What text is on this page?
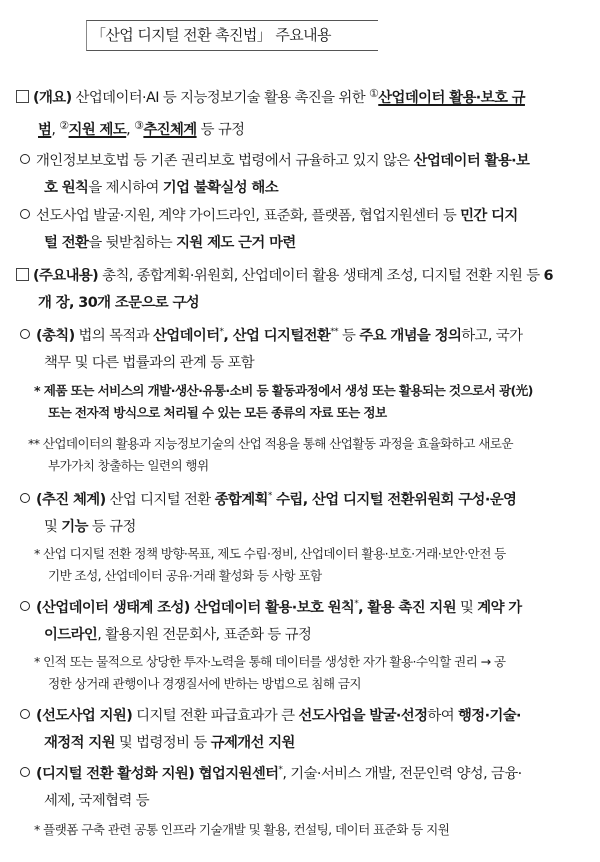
「산업 디지털 전환 촉진법」 주요내용
(개요) 산업데이터·AI 등 지능정보기술 활용 촉진을 위한 ①산업데이터 활용·보호 규
범, ②지원 제도, ③추진체계 등 규정
개인정보보호법 등 기존 권리보호 법령에서 규율하고 있지 않은 산업데이터 활용·보
호 원칙을 제시하여 기업 불확실성 해소
선도사업 발굴·지원, 계약 가이드라인, 표준화, 플랫폼, 협업지원센터 등 민간 디지
털 전환을 뒷받침하는 지원 제도 근거 마련
(주요내용) 총칙, 종합계획·위원회, 산업데이터 활용 생태계 조성, 디지털 전환 지원 등 6
개 장, 30개 조문으로 구성
(총칙) 법의 목적과 산업데이터*, 산업 디지털전환** 등 주요 개념을 정의하고, 국가
책무 및 다른 법률과의 관계 등 포함
* 제품 또는 서비스의 개발·생산·유통·소비 등 활동과정에서 생성 또는 활용되는 것으로서 광(光)
또는 전자적 방식으로 처리될 수 있는 모든 종류의 자료 또는 정보
** 산업데이터의 활용과 지능정보기술의 산업 적용을 통해 산업활동 과정을 효율화하고 새로운
부가가치 창출하는 일련의 행위
(추진 체계) 산업 디지털 전환 종합계획* 수립, 산업 디지털 전환위원회 구성·운영
및 기능 등 규정
* 산업 디지털 전환 정책 방향·목표, 제도 수립·정비, 산업데이터 활용·보호·거래·보안·안전 등
기반 조성, 산업데이터 공유·거래 활성화 등 사항 포함
(산업데이터 생태계 조성) 산업데이터 활용·보호 원칙*, 활용 촉진 지원 및 계약 가
이드라인, 활용지원 전문회사, 표준화 등 규정
* 인적 또는 물적으로 상당한 투자·노력을 통해 데이터를 생성한 자가 활용·수익할 권리 → 공
정한 상거래 관행이나 경쟁질서에 반하는 방법으로 침해 금지
(선도사업 지원) 디지털 전환 파급효과가 큰 선도사업을 발굴·선정하여 행정·기술·
재정적 지원 및 법령정비 등 규제개선 지원
(디지털 전환 활성화 지원) 협업지원센터*, 기술·서비스 개발, 전문인력 양성, 금융·
세제, 국제협력 등
* 플랫폼 구축 관련 공통 인프라 기술개발 및 활용, 컨설팅, 데이터 표준화 등 지원
